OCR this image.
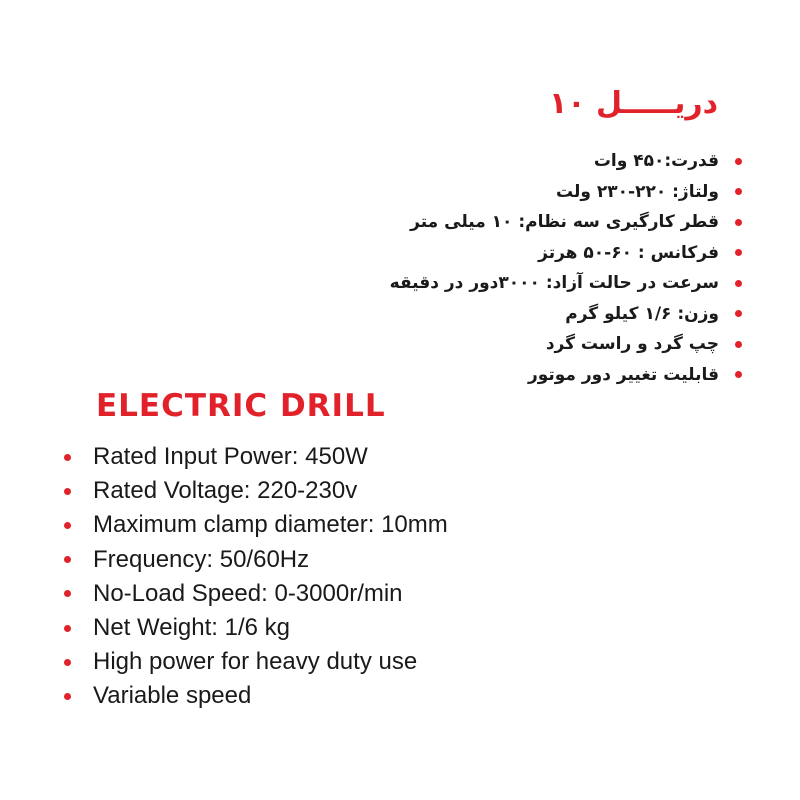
دریـــــل ۱۰
قدرت:۴۵۰ وات
ولتاژ: ۲۲۰-۲۳۰ ولت
قطر کارگیری سه نظام: ۱۰ میلی متر
فرکانس : ۶۰-۵۰ هرتز
سرعت در حالت آزاد: ۳۰۰۰دور در دقیقه
وزن: ۱/۶ کیلو گرم
چپ گرد و راست گرد
قابلیت تغییر دور موتور
ELECTRIC DRILL
Rated Input Power: 450W
Rated Voltage: 220-230v
Maximum clamp diameter: 10mm
Frequency: 50/60Hz
No-Load Speed: 0-3000r/min
Net Weight: 1/6 kg
High power for heavy duty use
Variable speed
